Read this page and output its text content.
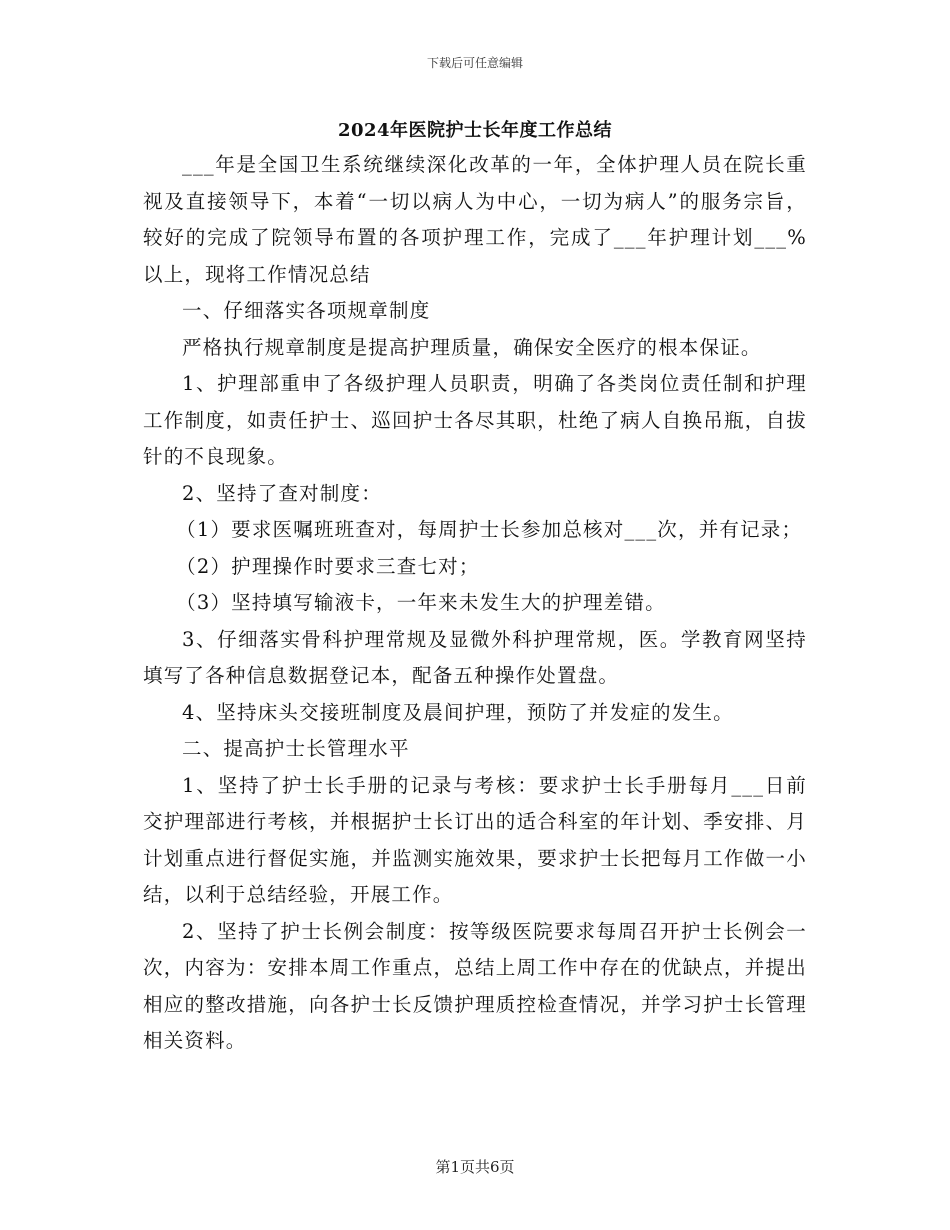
下载后可任意编辑
2024年医院护士长年度工作总结

___年是全国卫生系统继续深化改革的一年，全体护理人员在院长重视及直接领导下，本着“一切以病人为中心，一切为病人”的服务宗旨，较好的完成了院领导布置的各项护理工作，完成了___年护理计划___%以上，现将工作情况总结

一、仔细落实各项规章制度

严格执行规章制度是提高护理质量，确保安全医疗的根本保证。

1、护理部重申了各级护理人员职责，明确了各类岗位责任制和护理工作制度，如责任护士、巡回护士各尽其职，杜绝了病人自换吊瓶，自拔针的不良现象。

2、坚持了查对制度：

（1）要求医嘱班班查对，每周护士长参加总核对___次，并有记录；

（2）护理操作时要求三查七对；

（3）坚持填写输液卡，一年来未发生大的护理差错。

3、仔细落实骨科护理常规及显微外科护理常规，医。学教育网坚持填写了各种信息数据登记本，配备五种操作处置盘。

4、坚持床头交接班制度及晨间护理，预防了并发症的发生。

二、提高护士长管理水平

1、坚持了护士长手册的记录与考核：要求护士长手册每月___日前交护理部进行考核，并根据护士长订出的适合科室的年计划、季安排、月计划重点进行督促实施，并监测实施效果，要求护士长把每月工作做一小结，以利于总结经验，开展工作。

2、坚持了护士长例会制度：按等级医院要求每周召开护士长例会一次，内容为：安排本周工作重点，总结上周工作中存在的优缺点，并提出相应的整改措施，向各护士长反馈护理质控检查情况，并学习护士长管理相关资料。

第1页共6页
